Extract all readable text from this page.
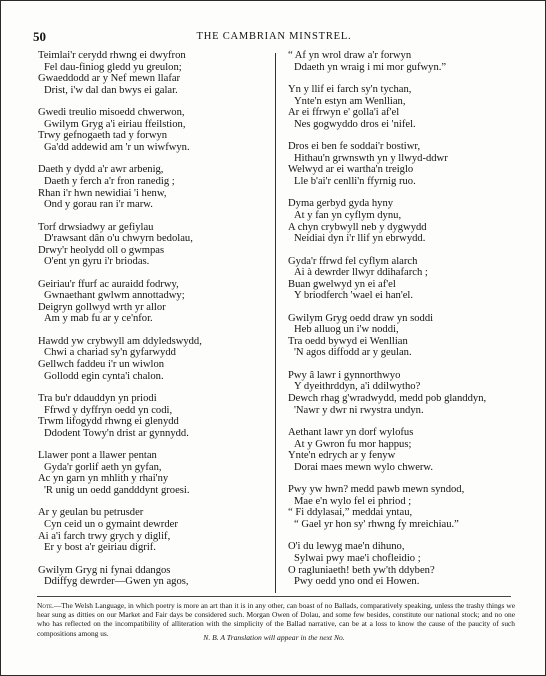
50	THE CAMBRIAN MINSTREL.
Teimlai'r cerydd rhwng ei dwyfron
Fel dau-finiog gledd yu greulon;
Gwaeddodd ar y Nef mewn llafar
Drist, i'w dal dan bwys ei galar.
Gwedi treulio misoedd chwerwon,
Gwilym Gryg a'i eiriau ffeilstion,
Trwy gefnogaeth tad y forwyn
Ga'dd addewid am 'r un wiwfwyn.
Daeth y dydd a'r awr arbenig,
Daeth y ferch a'r fron ranedig ;
Rhan i'r hwn newidiai 'i henw,
Ond y gorau ran i'r marw.
Torf drwsiadwy ar gefiylau
D'rawsant dân o'u chwyrn bedolau,
Drwy'r heolydd oll o gwmpas
O'ent yn gyru i'r briodas.
Geiriau'r ffurf ac auraidd fodrwy,
Gwnaethant gwlwm annottadwy;
Deigryn gollwyd wrth yr allor
Am y mab fu ar y ce'nfor.
Hawdd yw crybwyll am ddyledswydd,
Chwi a chariad sy'n gyfarwydd
Gellwch faddeu i'r un wiwlon
Gollodd egin cynta'i chalon.
Tra bu'r ddauddyn yn priodi
Ffrwd y dyffryn oedd yn codi,
Trwm lifogydd rhwng ei glenydd
Ddodent Towy'n drist ar gynnydd.
Llawer pont a llawer pentan
Gyda'r gorlif aeth yn gyfan,
Ac yn garn yn mhlith y rhai'ny
'R unig un oedd gandddynt groesi.
Ar y geulan bu petrusder
Cyn ceid un o gymaint dewrder
Ai a'i farch trwy grych y diglif,
Er y bost a'r geiriau digrif.
Gwilym Gryg ni fynai ddangos
Ddiffyg dewrder—Gwen yn agos,
“ Af yn wrol draw a'r forwyn
Ddaeth yn wraig i mi mor gufwyn.”
Yn y llif ei farch sy'n tychan,
Ynte'n estyn am Wenllian,
Ar ei ffrwyn e' golla'i af'el
Nes gogwyddo dros ei 'nifel.
Dros ei ben fe soddai'r bostiwr,
Hithau'n grwnswth yn y llwyd-ddwr
Welwyd ar ei wartha'n treiglo
Lle b'ai'r cenlli'n ffyrnig ruo.
Dyma gerbyd gyda hyny
At y fan yn cyflym dynu,
A chyn crybwyll neb y dygwydd
Neidiai dyn i'r llif yn ebrwydd.
Gyda'r ffrwd fel cyflym alarch
Ai à dewrder llwyr ddihafarch ;
Buan gwelwyd yn ei af'el
Y briodferch 'wael ei han'el.
Gwilym Gryg oedd draw yn soddi
Heb alluog un i'w noddi,
Tra oedd bywyd ei Wenllian
'N agos diffodd ar y geulan.
Pwy â lawr i gynnorthwyo
Y dyeithrddyn, a'i ddilwytho?
Dewch rhag g'wradwydd, medd pob glanddyn,
'Nawr y dwr ni rwystra undyn.
Aethant lawr yn dorf wylofus
At y Gwron fu mor happus;
Ynte'n edrych ar y fenyw
Dorai maes mewn wylo chwerw.
Pwy yw hwn? medd pawb mewn syndod,
Mae e'n wylo fel ei phriod ;
“ Fi ddylasai,” meddai yntau,
“ Gael yr hon sy' rhwng fy mreichiau.”
O'i du lewyg mae'n dihuno,
Sylwai pwy mae'i chofleidio ;
O ragluniaeth! beth yw'th ddyben?
Pwy oedd yno ond ei Howen.
Note.—The Welsh Language, in which poetry is more an art than it is in any other, can boast of no Ballads, comparatively speaking, unless the trashy things we hear sung as ditties on our Market and Fair days be considered such. Morgan Owen of Dolau, and some few besides, constitute our national stock; and no one who has reflected on the incompatibility of alliteration with the simplicity of the Ballad narrative, can be at a loss to know the cause of the paucity of such compositions among us.	N. B. A Translation will appear in the next No.
